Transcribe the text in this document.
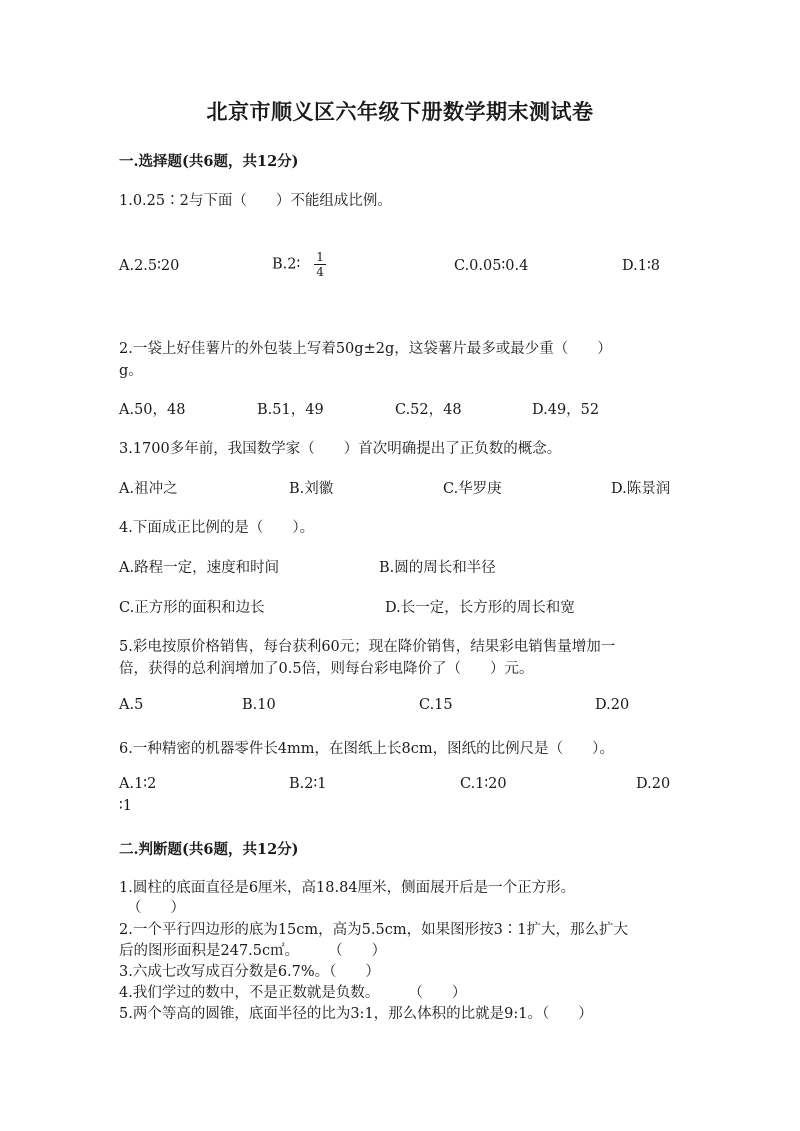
北京市顺义区六年级下册数学期末测试卷
一.选择题(共6题，共12分)
1.0.25∶2与下面（　　）不能组成比例。
A.2.5∶20	B.2∶ $\frac{1}{4}$	C.0.05∶0.4	D.1∶8
2.一袋上好佳薯片的外包装上写着50g±2g，这袋薯片最多或最少重（　　）
g。
A.50，48	B.51，49	C.52，48	D.49，52
3.1700多年前，我国数学家（　　）首次明确提出了正负数的概念。
A.祖冲之	B.刘徽	C.华罗庚	D.陈景润
4.下面成正比例的是（　　）。
A.路程一定，速度和时间	B.圆的周长和半径
C.正方形的面积和边长	D.长一定，长方形的周长和宽
5.彩电按原价格销售，每台获利60元；现在降价销售，结果彩电销售量增加一
倍，获得的总利润增加了0.5倍，则每台彩电降价了（　　）元。
A.5	B.10	C.15	D.20
6.一种精密的机器零件长4mm，在图纸上长8cm，图纸的比例尺是（　　）。
A.1∶2	B.2∶1	C.1∶20	D.20
∶1
二.判断题(共6题，共12分)
1.圆柱的底面直径是6厘米，高18.84厘米，侧面展开后是一个正方形。
（　　）
2.一个平行四边形的底为15cm，高为5.5cm，如果图形按3∶1扩大，那么扩大
后的图形面积是247.5c㎡。　　　（　　）
3.六成七改写成百分数是6.7%。（　　）
4.我们学过的数中，不是正数就是负数。　　　（　　）
5.两个等高的圆锥，底面半径的比为3:1，那么体积的比就是9:1。（　　）
